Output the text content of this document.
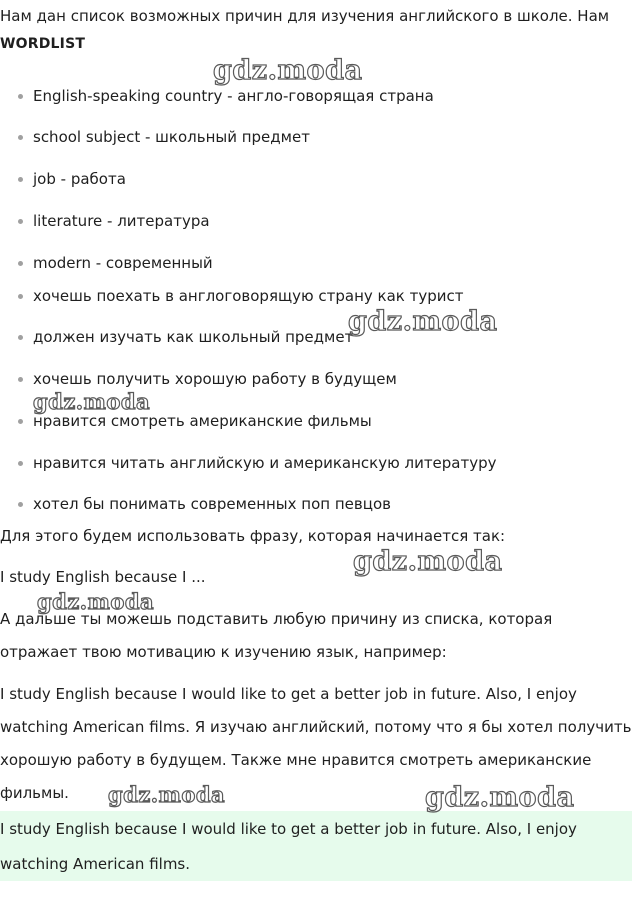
Нам дан список возможных причин для изучения английского в школе. Нам
WORDLIST
English-speaking country - англо-говорящая страна
school subject - школьный предмет
job - работа
literature - литература
modern - современный
хочешь поехать в англоговорящую страну как турист
должен изучать как школьный предмет
хочешь получить хорошую работу в будущем
нравится смотреть американские фильмы
нравится читать английскую и американскую литературу
хотел бы понимать современных поп певцов
Для этого будем использовать фразу, которая начинается так:
I study English because I ...
А дальше ты можешь подставить любую причину из списка, которая отражает твою мотивацию к изучению язык, например:
I study English because I would like to get a better job in future. Also, I enjoy watching American films. Я изучаю английский, потому что я бы хотел получить хорошую работу в будущем. Также мне нравится смотреть американские фильмы.
I study English because I would like to get a better job in future. Also, I enjoy watching American films.
gdz.moda
gdz.moda
gdz.moda
gdz.moda
gdz.moda
gdz.moda	gdz.moda
